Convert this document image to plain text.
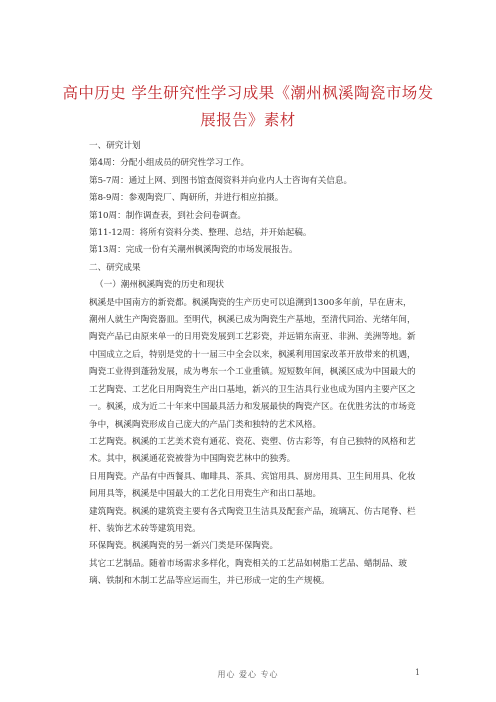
高中历史 学生研究性学习成果《潮州枫溪陶瓷市场发展报告》素材

一、研究计划

第4周：分配小组成员的研究性学习工作。

第5-7周：通过上网、到图书馆查阅资料并向业内人士咨询有关信息。

第8-9周：参观陶瓷厂、陶研所，并进行相应拍摄。

第10周：制作调查表，到社会问卷调查。

第11-12周：将所有资料分类、整理、总结，并开始起稿。

第13周：完成一份有关潮州枫溪陶瓷的市场发展报告。

二、研究成果

（一）潮州枫溪陶瓷的历史和现状

枫溪是中国南方的新瓷都。枫溪陶瓷的生产历史可以追溯到1300多年前，早在唐末，潮州人就生产陶瓷器皿。至明代，枫溪已成为陶瓷生产基地，至清代同治、光绪年间，陶瓷产品已由原来单一的日用瓷发展到工艺彩瓷，并远销东南亚、非洲、美洲等地。新中国成立之后，特别是党的十一届三中全会以来，枫溪利用国家改革开放带来的机遇，陶瓷工业得到蓬勃发展，成为粤东一个工业重镇。短短数年间，枫溪区成为中国最大的工艺陶瓷、工艺化日用陶瓷生产出口基地，新兴的卫生洁具行业也成为国内主要产区之一。枫溪，成为近二十年来中国最具活力和发展最快的陶瓷产区。在优胜劣汰的市场竞争中，枫溪陶瓷形成自己庞大的产品门类和独特的艺术风格。

工艺陶瓷。枫溪的工艺美术瓷有通花、瓷花、瓷塑、仿古彩等，有自己独特的风格和艺术。其中，枫溪通花瓷被誉为中国陶瓷艺林中的独秀。

日用陶瓷。产品有中西餐具、咖啡具、茶具、宾馆用具、厨房用具、卫生间用具、化妆间用具等，枫溪是中国最大的工艺化日用瓷生产和出口基地。

建筑陶瓷。枫溪的建筑瓷主要有各式陶瓷卫生洁具及配套产品，琉璃瓦、仿古尾脊、栏杆、装饰艺术砖等建筑用瓷。

环保陶瓷。枫溪陶瓷的另一新兴门类是环保陶瓷。

其它工艺制品。随着市场需求多样化，陶瓷相关的工艺品如树脂工艺品、蜡制品、玻璃、铁制和木制工艺品等应运而生，并已形成一定的生产规模。

用心 爱心 专心	1
